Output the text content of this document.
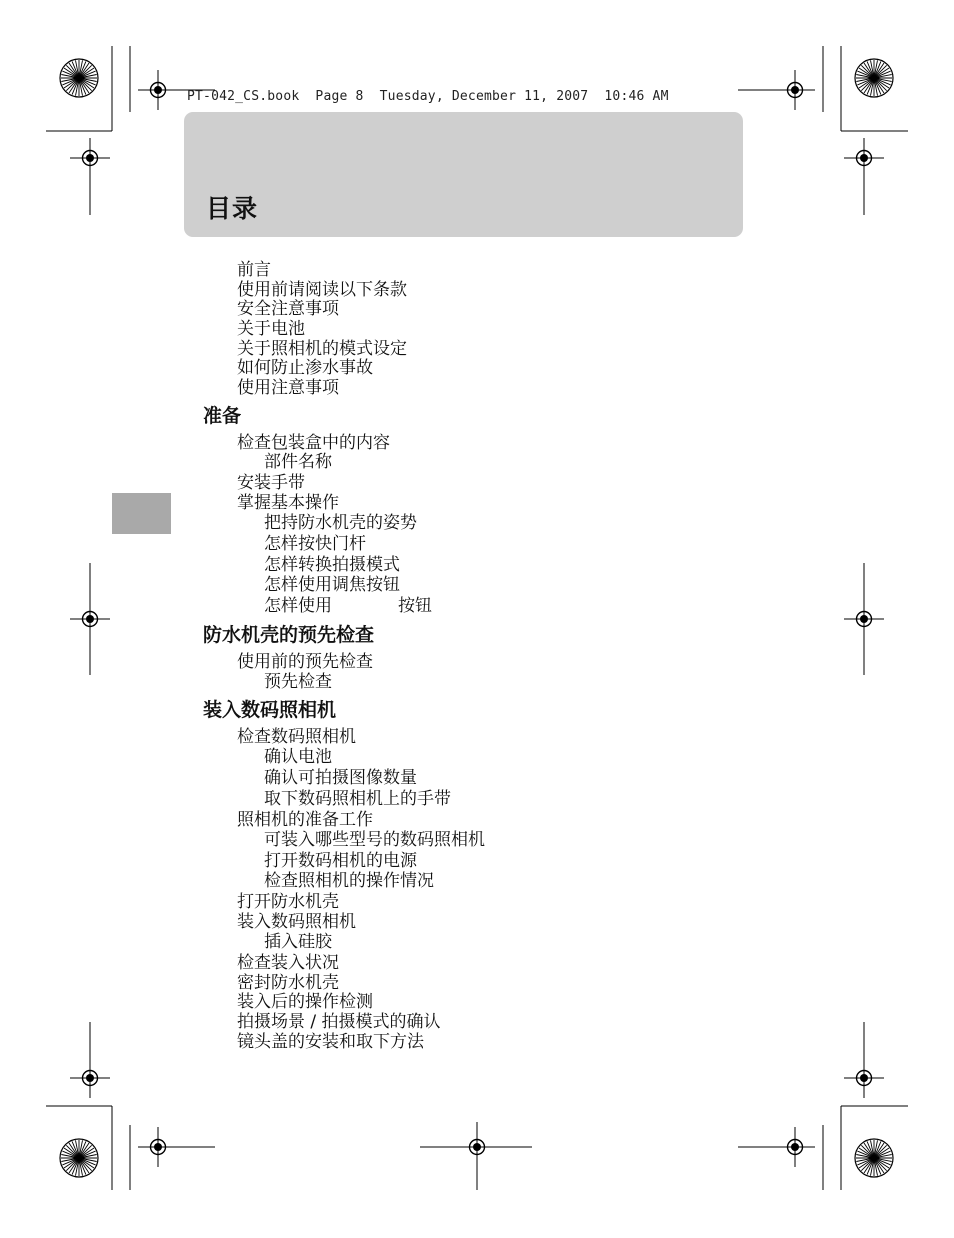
PT-042_CS.book  Page 8  Tuesday, December 11, 2007  10:46 AM
目录
前言
使用前请阅读以下条款
安全注意事项
关于电池
关于照相机的模式设定
如何防止渗水事故
使用注意事项
准备
检查包装盒中的内容
部件名称
安装手带
掌握基本操作
把持防水机壳的姿势
怎样按快门杆
怎样转换拍摄模式
怎样使用调焦按钮
怎样使用	按钮
防水机壳的预先检查
使用前的预先检查
预先检查
装入数码照相机
检查数码照相机
确认电池
确认可拍摄图像数量
取下数码照相机上的手带
照相机的准备工作
可装入哪些型号的数码照相机
打开数码相机的电源
检查照相机的操作情况
打开防水机壳
装入数码照相机
插入硅胶
检查装入状况
密封防水机壳
装入后的操作检测
拍摄场景 / 拍摄模式的确认
镜头盖的安装和取下方法
